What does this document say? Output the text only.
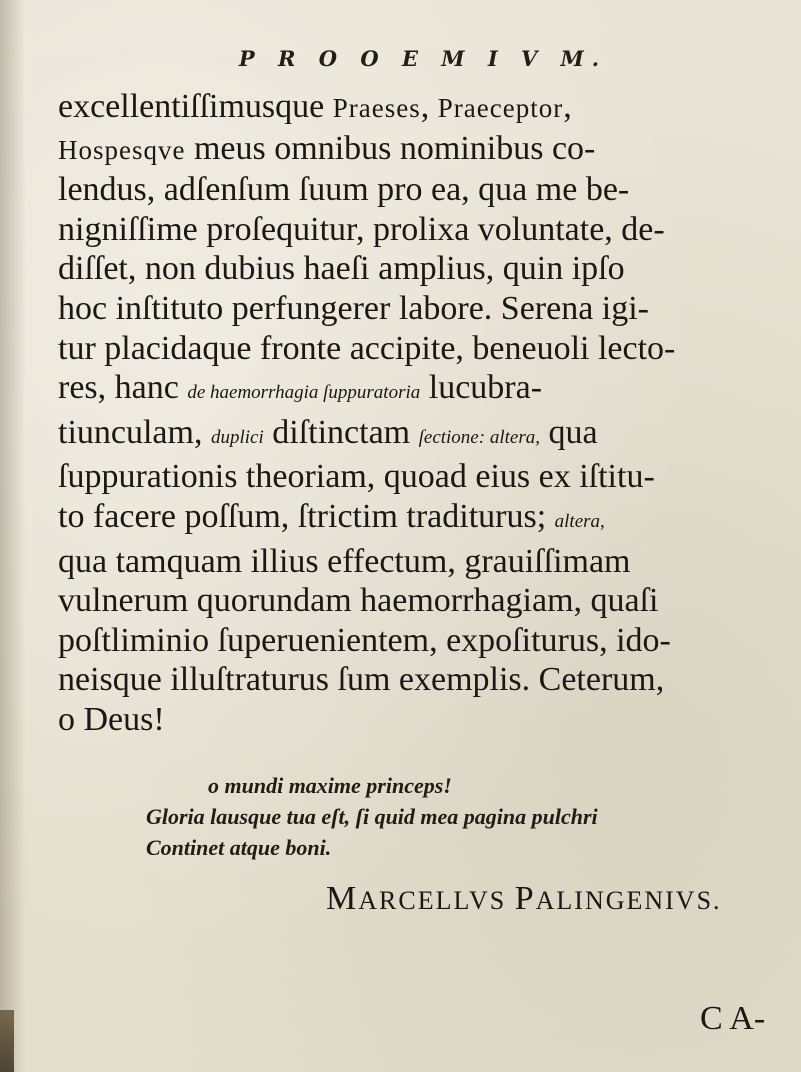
P R O O E M I V M.
excellentiſſimusque Praeses, Praeceptor,
Hospesqve meus omnibus nominibus co-
lendus, adſenſum ſuum pro ea, qua me be-
nigniſſime proſequitur, prolixa voluntate, de-
diſſet, non dubius haeſi amplius, quin ipſo
hoc inſtituto perfungerer labore. Serena igi-
tur placidaque fronte accipite, beneuoli lecto-
res, hanc de haemorrhagia ſuppuratoria lucubra-
tiunculam, duplici diſtinctam ſectione: altera, qua
ſuppurationis theoriam, quoad eius ex iſtitu-
to facere poſſum, ſtrictim traditurus; altera,
qua tamquam illius effectum, grauiſſimam
vulnerum quorundam haemorrhagiam, quaſi
poſtliminio ſuperuenientem, expoſiturus, ido-
neisque illuſtraturus ſum exemplis. Ceterum,
o Deus!
o mundi maxime princeps!
Gloria lausque tua eſt, ſi quid mea pagina pulchri
Continet atque boni.
MARCELLVS PALINGENIVS.
C A-
